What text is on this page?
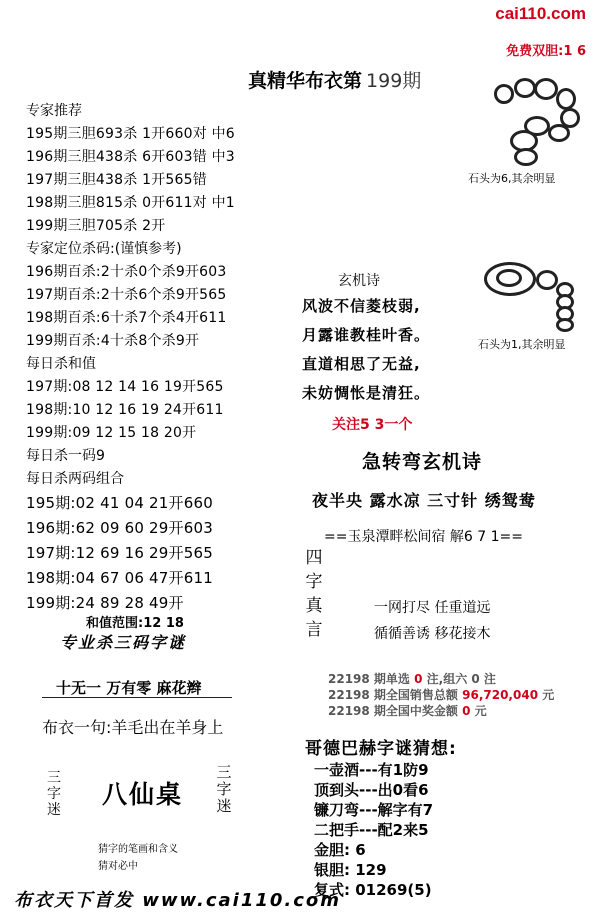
cai110.com
免费双胆:1 6
真精华布衣第 199期
专家推荐
195期三胆693杀 1开660对 中6
196期三胆438杀 6开603错 中3
197期三胆438杀 1开565错
198期三胆815杀 0开611对 中1
199期三胆705杀 2开
专家定位杀码:(谨慎参考)
196期百杀:2十杀0个杀9开603
197期百杀:2十杀6个杀9开565
198期百杀:6十杀7个杀4开611
199期百杀:4十杀8个杀9开
每日杀和值
197期:08 12 14 16 19开565
198期:10 12 16 19 24开611
199期:09 12 15 18 20开
每日杀一码9
每日杀两码组合
195期:02 41 04 21开660
196期:62 09 60 29开603
197期:12 69 16 29开565
198期:04 67 06 47开611
199期:24 89 28 49开
和值范围:12 18
专业杀三码字谜
十无一 万有零 麻花辫
布衣一句:羊毛出在羊身上
三字迷
八仙桌
三字迷
猜字的笔画和含义
猜对必中
布衣天下首发 www.cai110.com
石头为6,其余明显
石头为1,其余明显
玄机诗
风波不信菱枝弱,
月露谁教桂叶香。
直道相思了无益,
未妨惆怅是清狂。
关注5 3一个
急转弯玄机诗
夜半央 露水凉 三寸针 绣鸳鸯
==玉泉潭畔松间宿 解6 7 1==
四
字
真
言
一网打尽 任重道远
循循善诱 移花接木
22198 期单选 0 注,组六 0 注
22198 期全国销售总额 96,720,040 元
22198 期全国中奖金额 0 元
哥德巴赫字谜猜想:
一壶酒---有1防9
顶到头---出0看6
镰刀弯---解字有7
二把手---配2来5
金胆: 6
银胆: 129
复式: 01269(5)
